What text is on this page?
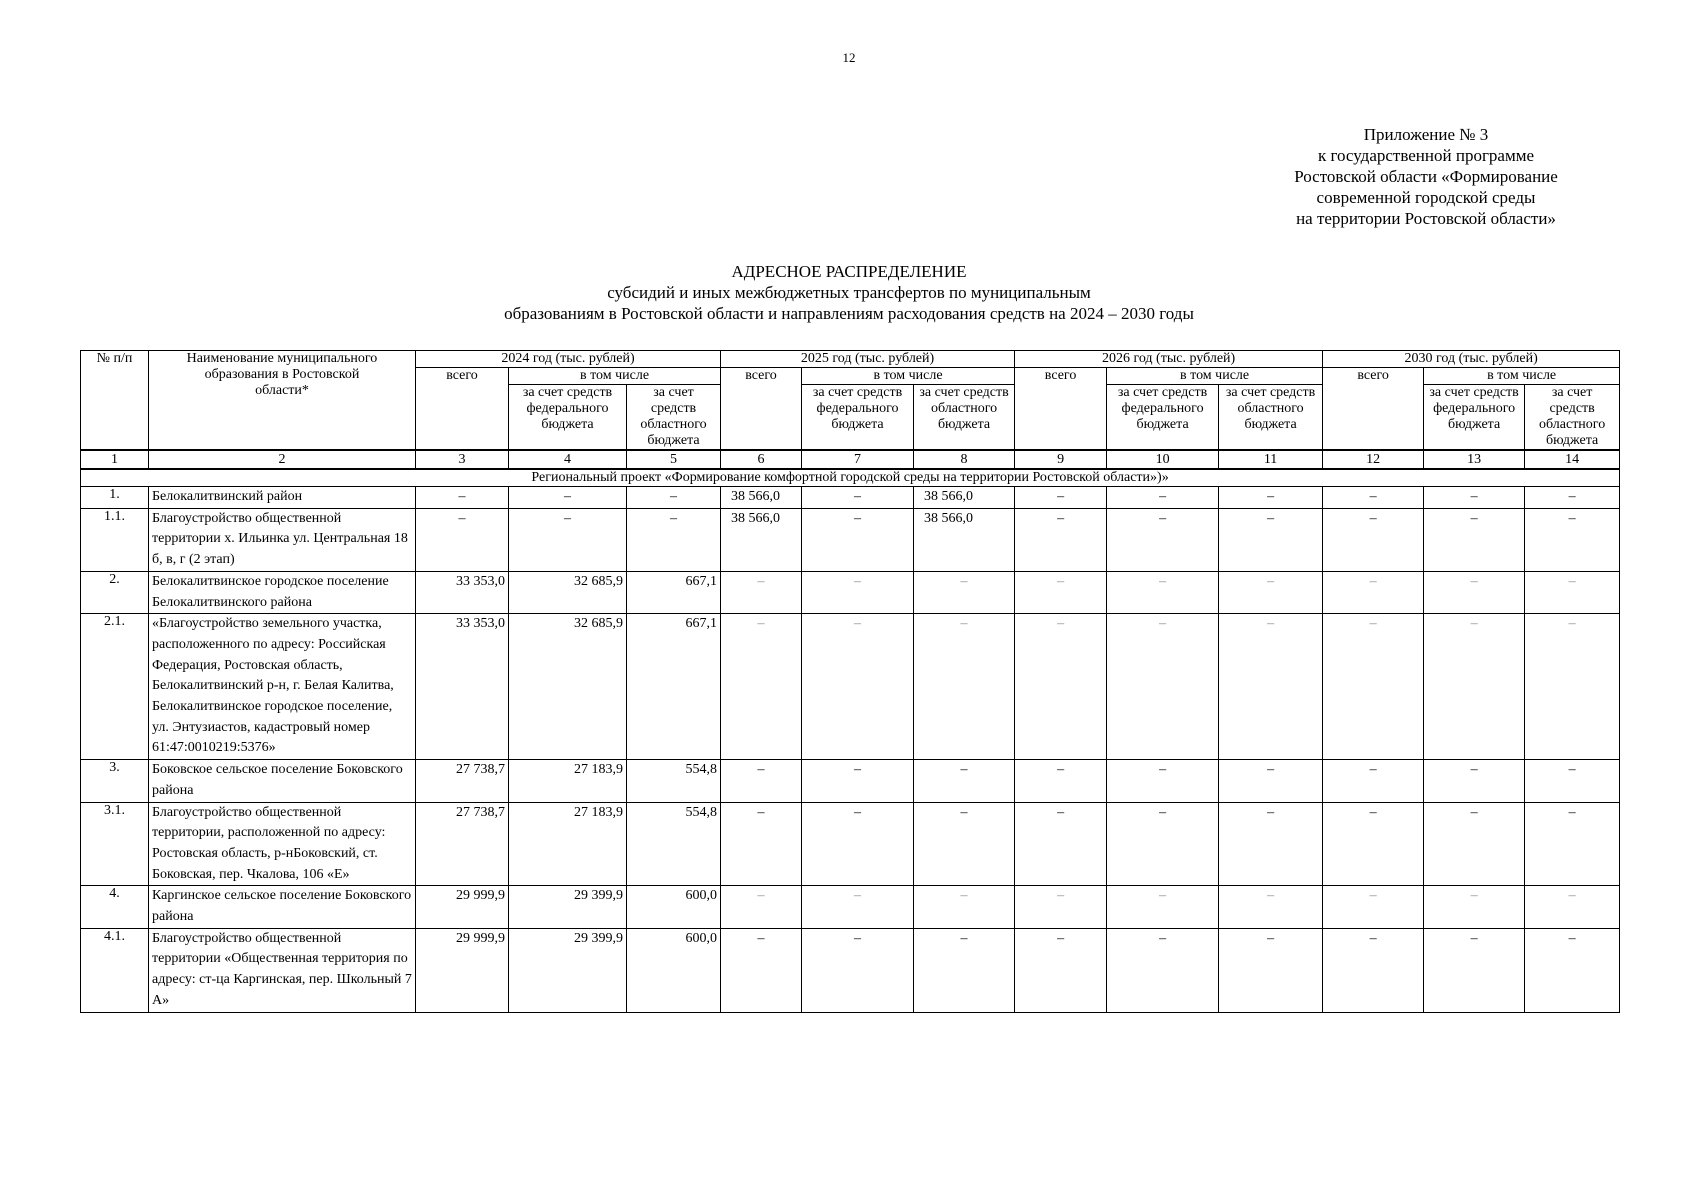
12
Приложение № 3
к государственной программе
Ростовской области «Формирование
современной городской среды
на территории Ростовской области»
АДРЕСНОЕ РАСПРЕДЕЛЕНИЕ
субсидий и иных межбюджетных трансфертов по муниципальным
образованиям в Ростовской области и направлениям расходования средств на 2024 – 2030 годы
№ п/п	Наименование муниципального образования в Ростовской области*	2024 год (тыс. рублей)			2025 год (тыс. рублей)			2026 год (тыс. рублей)			2030 год (тыс. рублей)		
		всего	в том числе		всего	в том числе		всего	в том числе		всего	в том числе	
			за счет средств федерального бюджета	за счет средств областного бюджета		за счет средств федерального бюджета	за счет средств областного бюджета		за счет средств федерального бюджета	за счет средств областного бюджета		за счет средств федерального бюджета	за счет средств областного бюджета
1	2	3	4	5	6	7	8	9	10	11	12	13	14
Региональный проект «Формирование комфортной городской среды на территории Ростовской области»)»													
1.	Белокалитвинский район	–	–	–	38 566,0	–	38 566,0	–	–	–	–	–	–
1.1.	Благоустройство общественной территории х. Ильинка ул. Центральная 18 б, в, г (2 этап)	–	–	–	38 566,0	–	38 566,0	–	–	–	–	–	–
2.	Белокалитвинское городское поселение Белокалитвинского района	33 353,0	32 685,9	667,1	–	–	–	–	–	–	–	–	–
2.1.	«Благоустройство земельного участка, расположенного по адресу: Российская Федерация, Ростовская область, Белокалитвинский р-н, г. Белая Калитва, Белокалитвинское городское поселение, ул. Энтузиастов, кадастровый номер 61:47:0010219:5376»	33 353,0	32 685,9	667,1	–	–	–	–	–	–	–	–	–
3.	Боковское сельское поселение Боковского района	27 738,7	27 183,9	554,8	–	–	–	–	–	–	–	–	–
3.1.	Благоустройство общественной территории, расположенной по адресу: Ростовская область, р-нБоковский, ст. Боковская, пер. Чкалова, 106 «Е»	27 738,7	27 183,9	554,8	–	–	–	–	–	–	–	–	–
4.	Каргинское сельское поселение Боковского района	29 999,9	29 399,9	600,0	–	–	–	–	–	–	–	–	–
4.1.	Благоустройство общественной территории «Общественная территория по адресу: ст-ца Каргинская, пер. Школьный 7 А»	29 999,9	29 399,9	600,0	–	–	–	–	–	–	–	–	–
